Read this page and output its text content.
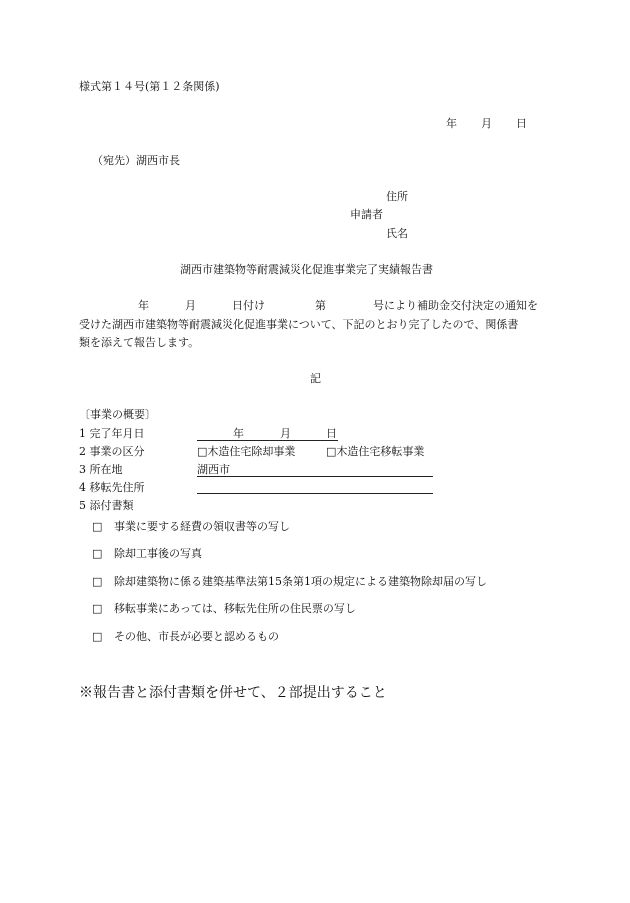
様式第１４号(第１２条関係)
年 月 日
（宛先）湖西市長
住所
申請者
氏名
湖西市建築物等耐震減災化促進事業完了実績報告書
年	月	日付け	第	号により補助金交付決定の通知を
受けた湖西市建築物等耐震減災化促進事業について、下記のとおり完了したので、関係書
類を添えて報告します。
記
〔事業の概要〕
1 完了年月日	年	月	日
2 事業の区分	□木造住宅除却事業	□木造住宅移転事業
3 所在地	湖西市
4 移転先住所
5 添付書類
□ 事業に要する経費の領収書等の写し
□ 除却工事後の写真
□ 除却建築物に係る建築基準法第15条第1項の規定による建築物除却届の写し
□ 移転事業にあっては、移転先住所の住民票の写し
□ その他、市長が必要と認めるもの
※報告書と添付書類を併せて、２部提出すること
